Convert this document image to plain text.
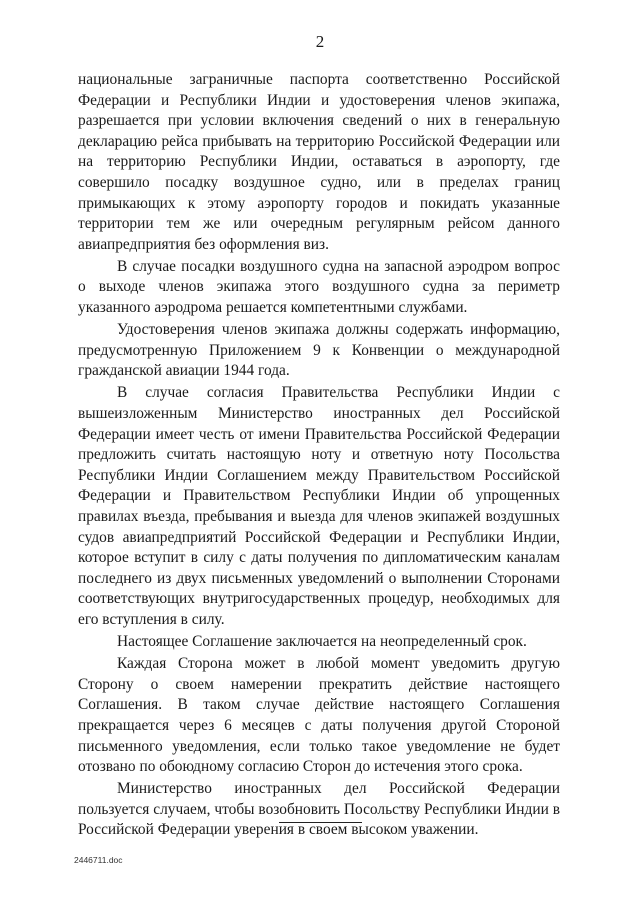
2

национальные заграничные паспорта соответственно Российской Федерации и Республики Индии и удостоверения членов экипажа, разрешается при условии включения сведений о них в генеральную декларацию рейса прибывать на территорию Российской Федерации или на территорию Республики Индии, оставаться в аэропорту, где совершило посадку воздушное судно, или в пределах границ примыкающих к этому аэропорту городов и покидать указанные территории тем же или очередным регулярным рейсом данного авиапредприятия без оформления виз.

В случае посадки воздушного судна на запасной аэродром вопрос о выходе членов экипажа этого воздушного судна за периметр указанного аэродрома решается компетентными службами.

Удостоверения членов экипажа должны содержать информацию, предусмотренную Приложением 9 к Конвенции о международной гражданской авиации 1944 года.

В случае согласия Правительства Республики Индии с вышеизложенным Министерство иностранных дел Российской Федерации имеет честь от имени Правительства Российской Федерации предложить считать настоящую ноту и ответную ноту Посольства Республики Индии Соглашением между Правительством Российской Федерации и Правительством Республики Индии об упрощенных правилах въезда, пребывания и выезда для членов экипажей воздушных судов авиапредприятий Российской Федерации и Республики Индии, которое вступит в силу с даты получения по дипломатическим каналам последнего из двух письменных уведомлений о выполнении Сторонами соответствующих внутригосударственных процедур, необходимых для его вступления в силу.

Настоящее Соглашение заключается на неопределенный срок.

Каждая Сторона может в любой момент уведомить другую Сторону о своем намерении прекратить действие настоящего Соглашения. В таком случае действие настоящего Соглашения прекращается через 6 месяцев с даты получения другой Стороной письменного уведомления, если только такое уведомление не будет отозвано по обоюдному согласию Сторон до истечения этого срока.

Министерство иностранных дел Российской Федерации пользуется случаем, чтобы возобновить Посольству Республики Индии в Российской Федерации уверения в своем высоком уважении.

2446711.doc
